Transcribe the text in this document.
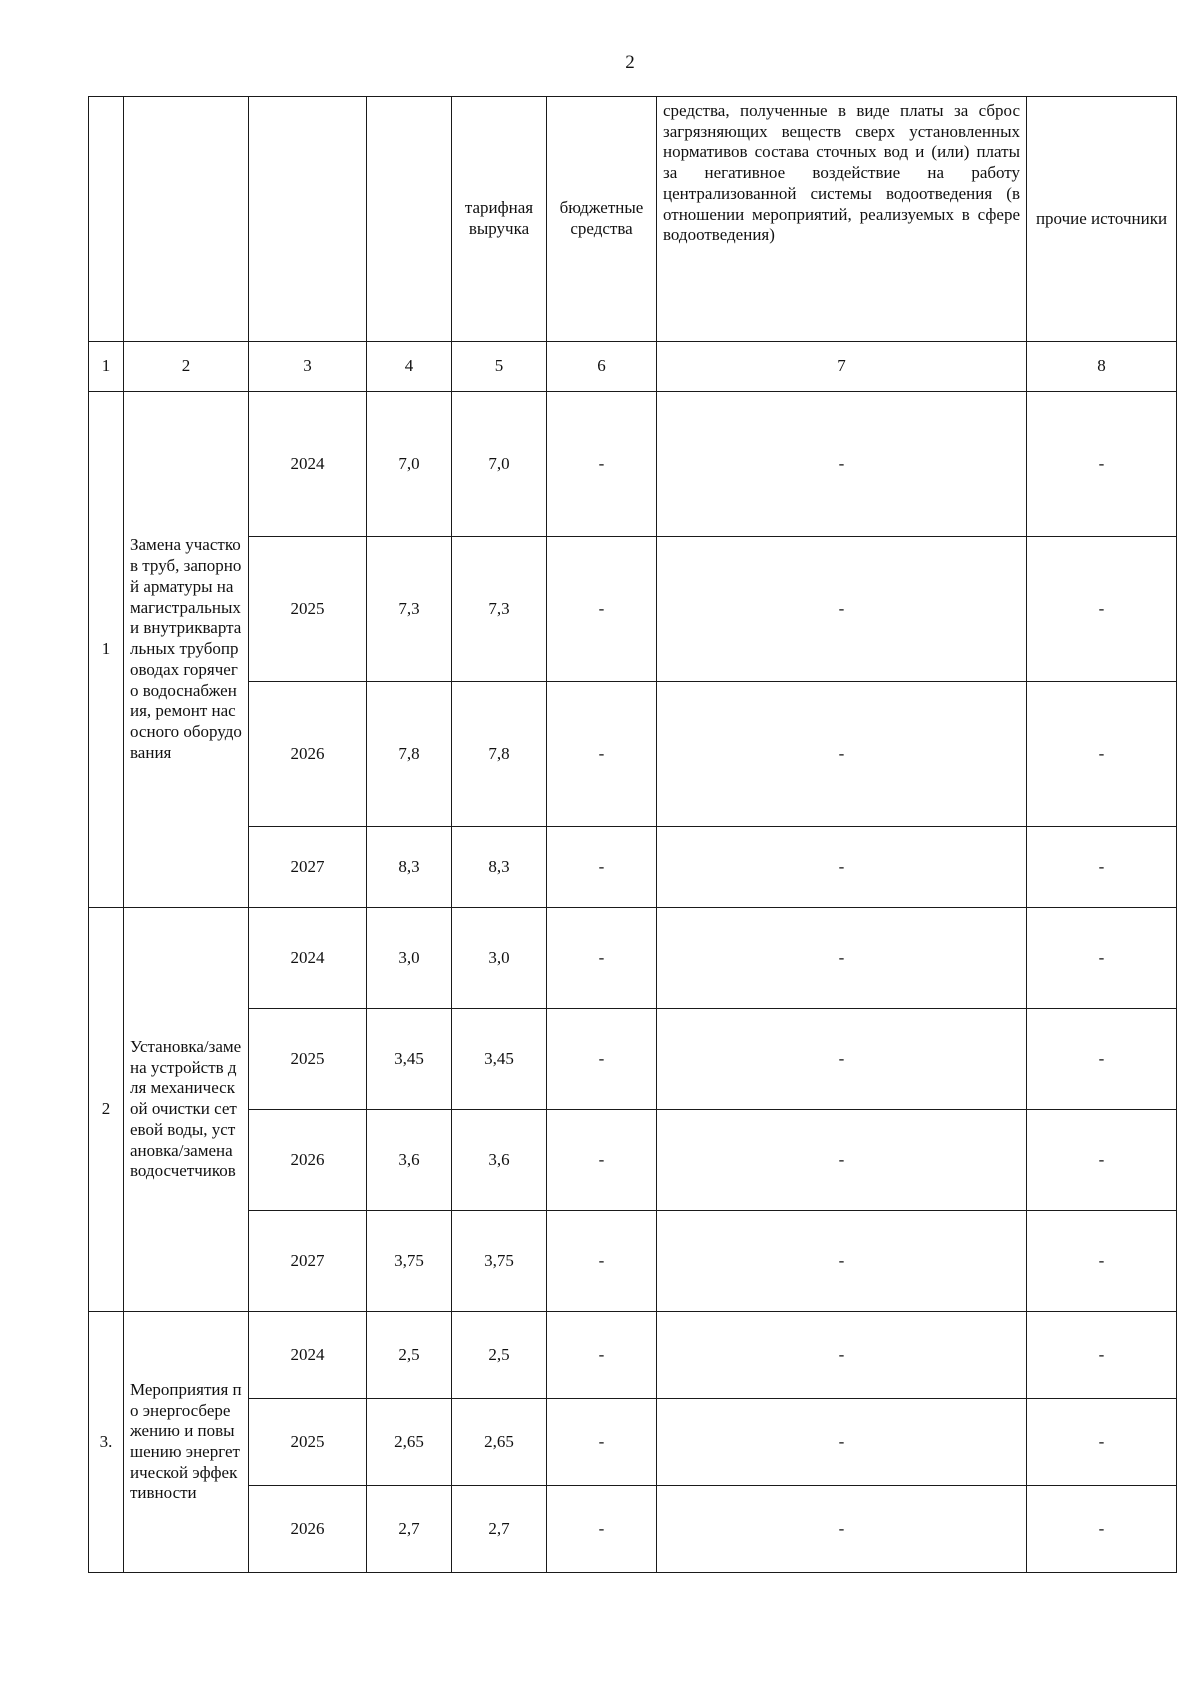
2
				тарифная выручка	бюджетные средства	средства, полученные в виде платы за сброс загрязняющих веществ сверх установленных нормативов состава сточных вод и (или) платы за негативное воздействие на работу централизованной системы водоотведения (в отношении мероприятий, реализуемых в сфере водоотведения)	прочие источники
1	2	3	4	5	6	7	8
1	Замена участков труб, запорной арматуры на магистральных и внутриквартальных трубопроводах горячего водоснабжения, ремонт насосного оборудования	2024	7,0	7,0	-	-	-
		2025	7,3	7,3	-	-	-
		2026	7,8	7,8	-	-	-
		2027	8,3	8,3	-	-	-
2	Установка/замена устройств для механической очистки сетевой воды, установка/замена водосчетчиков	2024	3,0	3,0	-	-	-
		2025	3,45	3,45	-	-	-
		2026	3,6	3,6	-	-	-
		2027	3,75	3,75	-	-	-
3.	Мероприятия по энергосбережению и повышению энергетической эффективности	2024	2,5	2,5	-	-	-
		2025	2,65	2,65	-	-	-
		2026	2,7	2,7	-	-	-
